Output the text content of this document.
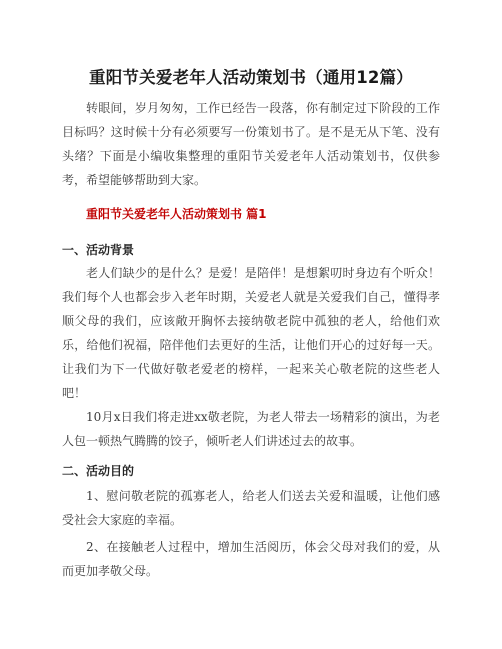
重阳节关爱老年人活动策划书（通用12篇）
转眼间，岁月匆匆，工作已经告一段落，你有制定过下阶段的工作目标吗？这时候十分有必须要写一份策划书了。是不是无从下笔、没有头绪？下面是小编收集整理的重阳节关爱老年人活动策划书，仅供参考，希望能够帮助到大家。
重阳节关爱老年人活动策划书 篇1
一、活动背景
老人们缺少的是什么？是爱！是陪伴！是想絮叨时身边有个听众！我们每个人也都会步入老年时期，关爱老人就是关爱我们自己，懂得孝顺父母的我们，应该敞开胸怀去接纳敬老院中孤独的老人，给他们欢乐，给他们祝福，陪伴他们去更好的生活，让他们开心的过好每一天。让我们为下一代做好敬老爱老的榜样，一起来关心敬老院的这些老人吧！
10月x日我们将走进xx敬老院，为老人带去一场精彩的演出，为老人包一顿热气腾腾的饺子，倾听老人们讲述过去的故事。
二、活动目的
1、慰问敬老院的孤寡老人，给老人们送去关爱和温暖，让他们感受社会大家庭的幸福。
2、在接触老人过程中，增加生活阅历，体会父母对我们的爱，从而更加孝敬父母。
